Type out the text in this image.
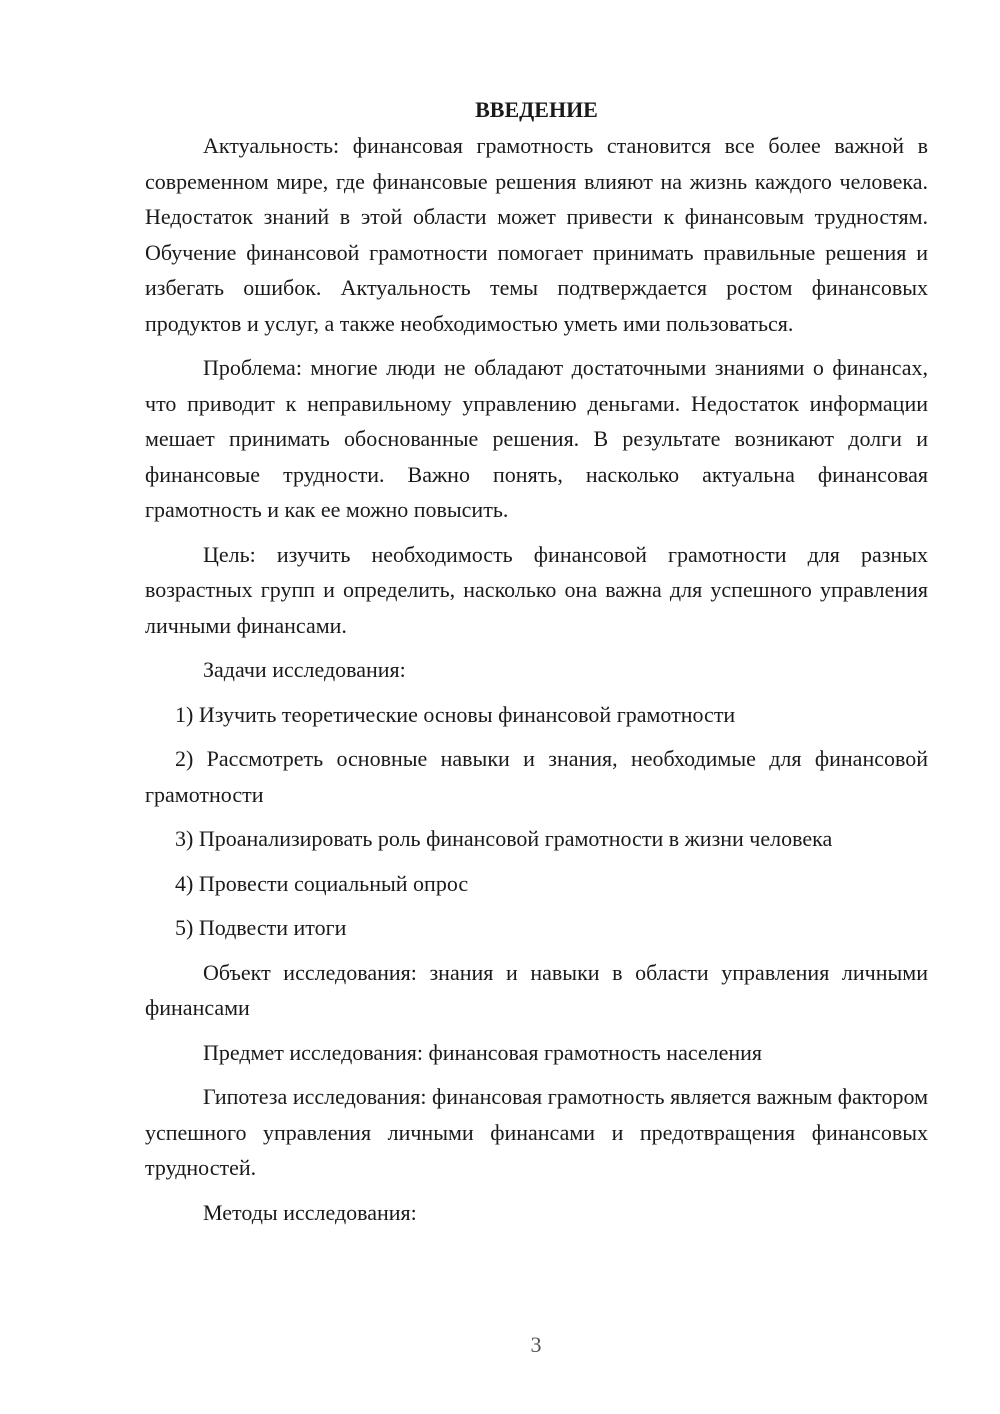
ВВЕДЕНИЕ

Актуальность: финансовая грамотность становится все более важной в современном мире, где финансовые решения влияют на жизнь каждого человека. Недостаток знаний в этой области может привести к финансовым трудностям. Обучение финансовой грамотности помогает принимать правильные решения и избегать ошибок. Актуальность темы подтверждается ростом финансовых продуктов и услуг, а также необходимостью уметь ими пользоваться.

Проблема: многие люди не обладают достаточными знаниями о финансах, что приводит к неправильному управлению деньгами. Недостаток информации мешает принимать обоснованные решения. В результате возникают долги и финансовые трудности. Важно понять, насколько актуальна финансовая грамотность и как ее можно повысить.

Цель: изучить необходимость финансовой грамотности для разных возрастных групп и определить, насколько она важна для успешного управления личными финансами.

Задачи исследования:

1) Изучить теоретические основы финансовой грамотности

2) Рассмотреть основные навыки и знания, необходимые для финансовой грамотности

3) Проанализировать роль финансовой грамотности в жизни человека

4) Провести социальный опрос

5) Подвести итоги

Объект исследования: знания и навыки в области управления личными финансами

Предмет исследования: финансовая грамотность населения

Гипотеза исследования: финансовая грамотность является важным фактором успешного управления личными финансами и предотвращения финансовых трудностей.

Методы исследования:

3
